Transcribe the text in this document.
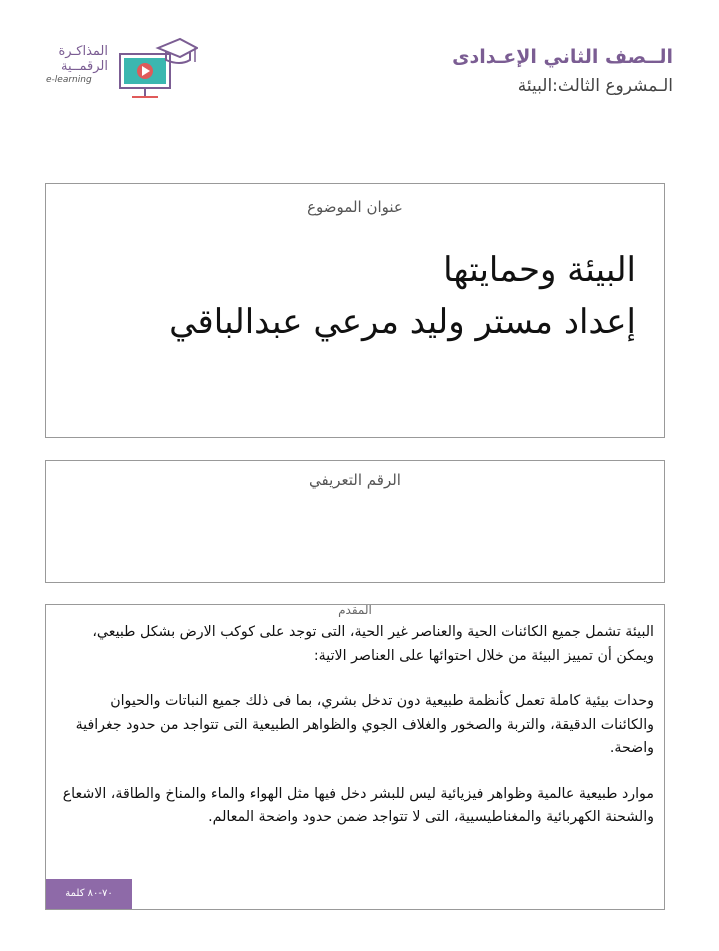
الــصف الثاني الإعـدادى
الـمشروع الثالث:البيئة
المذاكـرة
الرقمــية
e-learning
عنوان الموضوع
البيئة وحمايتها
إعداد مستر وليد مرعي عبدالباقي
الرقم التعريفي
المقدم

البيئة تشمل جميع الكائنات الحية والعناصر غير الحية، التى توجد على كوكب الارض بشكل طبيعي، ويمكن أن تمييز البيئة من خلال احتوائها على العناصر الاتية:

وحدات بيئية كاملة تعمل كأنظمة طبيعية دون تدخل بشري، بما فى ذلك جميع النباتات والحيوان والكائنات الدقيقة، والتربة والصخور والغلاف الجوي والظواهر الطبيعية التى تتواجد من حدود جغرافية واضحة.

موارد طبيعية عالمية وظواهر فيزيائية ليس للبشر دخل فيها مثل الهواء والماء والمناخ والطاقة، الاشعاع والشحنة الكهربائية والمغناطيسيية، التى لا تتواجد ضمن حدود واضحة المعالم.

٧٠-٨٠ كلمة
